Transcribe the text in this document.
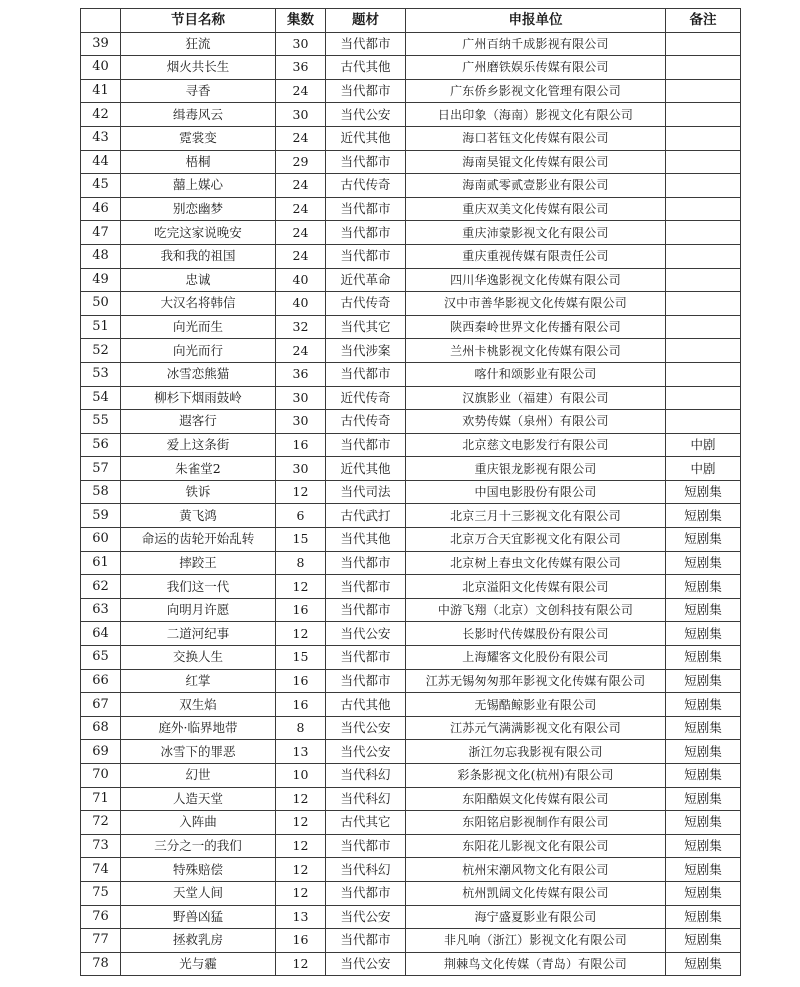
	节目名称	集数	题材	申报单位	备注
39	狂流	30	当代都市	广州百纳千成影视有限公司	
40	烟火共长生	36	古代其他	广州磨铁娱乐传媒有限公司	
41	寻香	24	当代都市	广东侨乡影视文化管理有限公司	
42	缉毒风云	30	当代公安	日出印象（海南）影视文化有限公司	
43	霓裳变	24	近代其他	海口茗钰文化传媒有限公司	
44	梧桐	29	当代都市	海南昊锟文化传媒有限公司	
45	囍上媒心	24	古代传奇	海南贰零贰壹影业有限公司	
46	别恋幽梦	24	当代都市	重庆双美文化传媒有限公司	
47	吃完这家说晚安	24	当代都市	重庆沛蒙影视文化有限公司	
48	我和我的祖国	24	当代都市	重庆重视传媒有限责任公司	
49	忠诚	40	近代革命	四川华逸影视文化传媒有限公司	
50	大汉名将韩信	40	古代传奇	汉中市善华影视文化传媒有限公司	
51	向光而生	32	当代其它	陕西秦岭世界文化传播有限公司	
52	向光而行	24	当代涉案	兰州卡桃影视文化传媒有限公司	
53	冰雪恋熊猫	36	当代都市	喀什和颂影业有限公司	
54	柳杉下烟雨鼓岭	30	近代传奇	汉旗影业（福建）有限公司	
55	遐客行	30	古代传奇	欢势传媒（泉州）有限公司	
56	爱上这条街	16	当代都市	北京慈文电影发行有限公司	中剧
57	朱雀堂2	30	近代其他	重庆银龙影视有限公司	中剧
58	铁诉	12	当代司法	中国电影股份有限公司	短剧集
59	黄飞鸿	6	古代武打	北京三月十三影视文化有限公司	短剧集
60	命运的齿轮开始乱转	15	当代其他	北京万合天宜影视文化有限公司	短剧集
61	摔跤王	8	当代都市	北京树上春虫文化传媒有限公司	短剧集
62	我们这一代	12	当代都市	北京溢阳文化传媒有限公司	短剧集
63	向明月许愿	16	当代都市	中游飞翔（北京）文创科技有限公司	短剧集
64	二道河纪事	12	当代公安	长影时代传媒股份有限公司	短剧集
65	交换人生	15	当代都市	上海耀客文化股份有限公司	短剧集
66	红掌	16	当代都市	江苏无锡匆匆那年影视文化传媒有限公司	短剧集
67	双生焰	16	古代其他	无锡酷鲸影业有限公司	短剧集
68	庭外·临界地带	8	当代公安	江苏元气满满影视文化有限公司	短剧集
69	冰雪下的罪恶	13	当代公安	浙江勿忘我影视有限公司	短剧集
70	幻世	10	当代科幻	彩条影视文化(杭州)有限公司	短剧集
71	人造天堂	12	当代科幻	东阳酷娱文化传媒有限公司	短剧集
72	入阵曲	12	古代其它	东阳铭启影视制作有限公司	短剧集
73	三分之一的我们	12	当代都市	东阳花儿影视文化有限公司	短剧集
74	特殊赔偿	12	当代科幻	杭州宋潮风物文化有限公司	短剧集
75	天堂人间	12	当代都市	杭州凯阔文化传媒有限公司	短剧集
76	野兽凶猛	13	当代公安	海宁盛夏影业有限公司	短剧集
77	拯救乳房	16	当代都市	非凡响（浙江）影视文化有限公司	短剧集
78	光与霾	12	当代公安	荆棘鸟文化传媒（青岛）有限公司	短剧集
